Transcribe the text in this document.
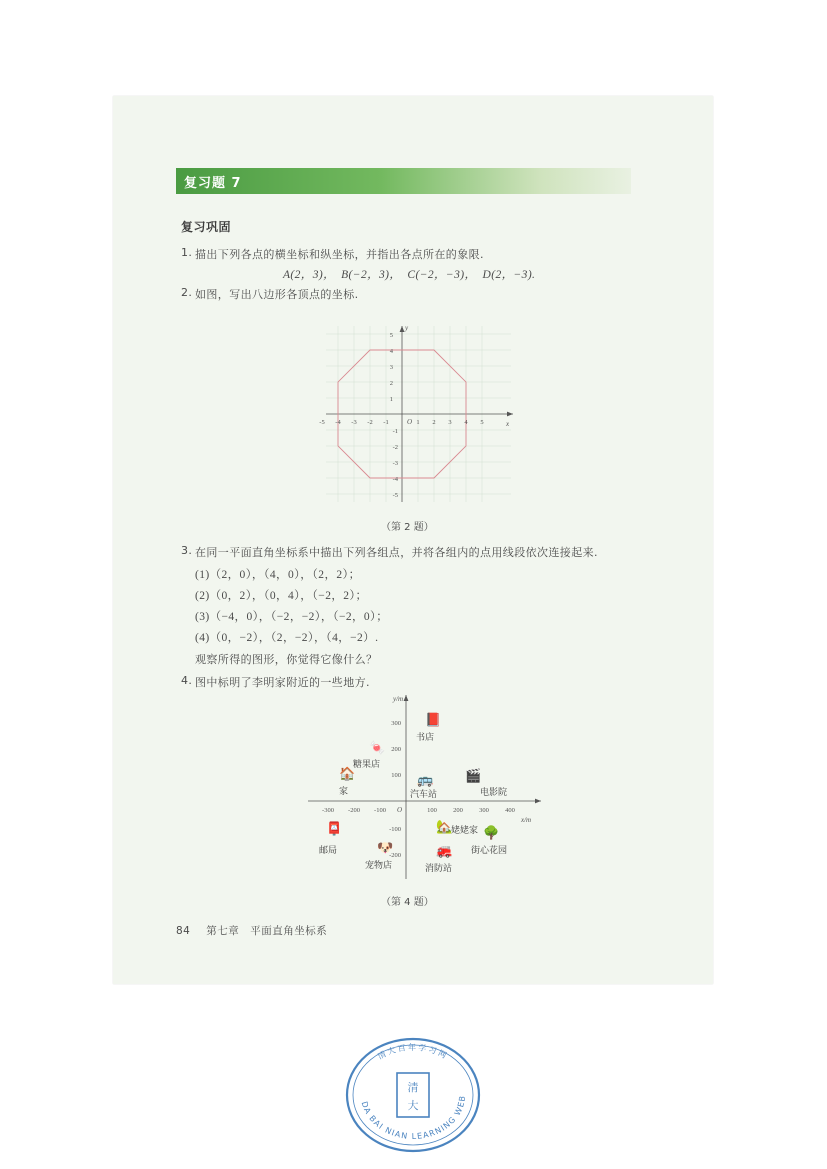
复习题 7
复习巩固
1. 描出下列各点的横坐标和纵坐标，并指出各点所在的象限.
A(2，3)，　B(−2，3)，　C(−2，−3)，　D(2，−3).
2. 如图，写出八边形各顶点的坐标.
5
4
3
2
1
-1
-2
-3
-4
-5
-5 -4 -3 -2 -1	1 2 3 4 5
O	x
y
（第 2 题）
3. 在同一平面直角坐标系中描出下列各组点，并将各组内的点用线段依次连接起来.
(1)（2，0），（4，0），（2，2）；
(2)（0，2），（0，4），（−2，2）；
(3)（−4，0），（−2，−2），（−2，0）；
(4)（0，−2），（2，−2），（4，−2）.
观察所得的图形，你觉得它像什么？
4. 图中标明了李明家附近的一些地方.
300
200
100
-100
-200
-300 -200 -100	100	200	300	400
O
x/m
y/m
📕
书店
🍬
糖果店
🏠
家
🚌
汽车站
🎬
电影院
🏡
姥姥家 🌳
街心花园
📮
邮局	🐶
宠物店
🚒
消防站
（第 4 题）
84 第七章　平面直角坐标系
清大百年学习网
QING DA BAI NIAN LEARNING WEBSITE
清
大
